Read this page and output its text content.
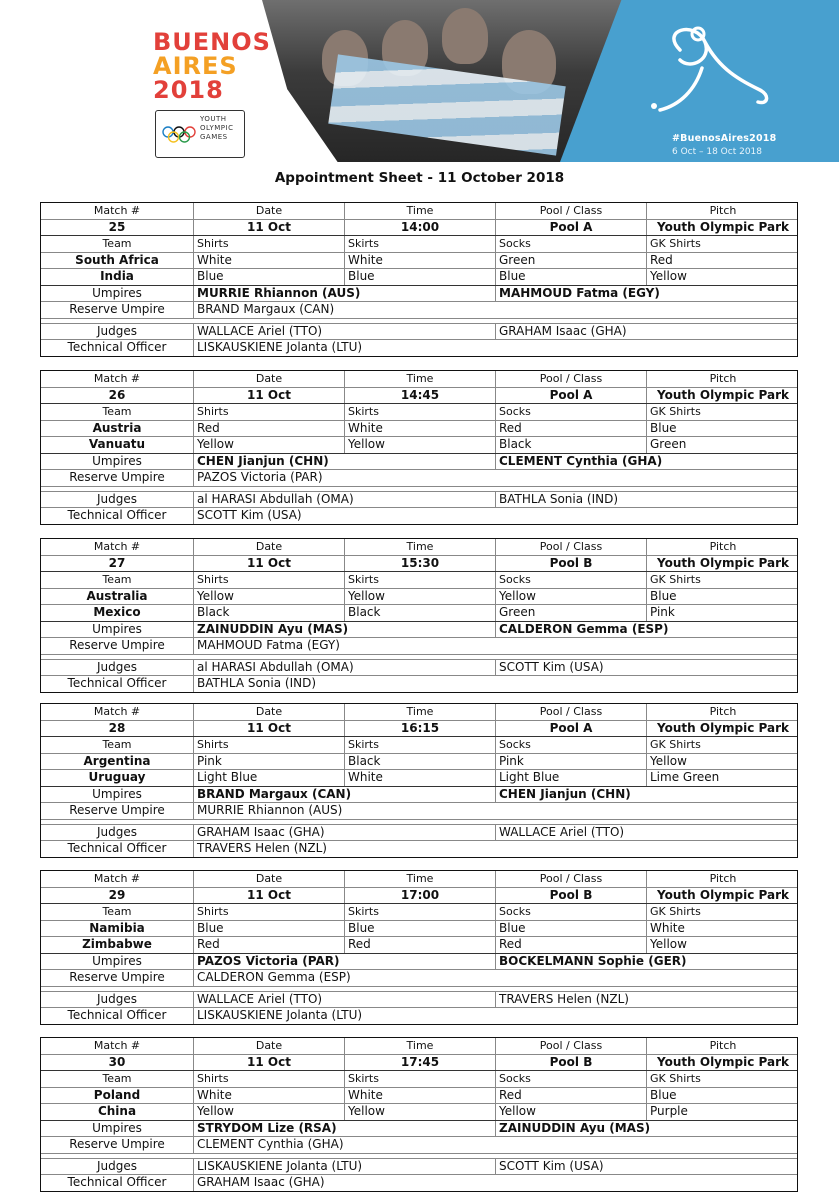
#BuenosAires2018
6 Oct – 18 Oct 2018
BUENOS
AIRES
2018
YOUTH OLYMPIC GAMES
Appointment Sheet - 11 October 2018
Match #	Date	Time	Pool / Class	Pitch
25	11 Oct	14:00	Pool A	Youth Olympic Park
Team	Shirts	Skirts	Socks	GK Shirts
South Africa	White	White	Green	Red
India	Blue	Blue	Blue	Yellow
Umpires	MURRIE Rhiannon (AUS)	MAHMOUD Fatma (EGY)
Reserve Umpire	BRAND Margaux (CAN)
Judges	WALLACE Ariel (TTO)	GRAHAM Isaac (GHA)
Technical Officer	LISKAUSKIENE Jolanta (LTU)
Match #	Date	Time	Pool / Class	Pitch
26	11 Oct	14:45	Pool A	Youth Olympic Park
Team	Shirts	Skirts	Socks	GK Shirts
Austria	Red	White	Red	Blue
Vanuatu	Yellow	Yellow	Black	Green
Umpires	CHEN Jianjun (CHN)	CLEMENT Cynthia (GHA)
Reserve Umpire	PAZOS Victoria (PAR)
Judges	al HARASI Abdullah (OMA)	BATHLA Sonia (IND)
Technical Officer	SCOTT Kim (USA)
Match #	Date	Time	Pool / Class	Pitch
27	11 Oct	15:30	Pool B	Youth Olympic Park
Team	Shirts	Skirts	Socks	GK Shirts
Australia	Yellow	Yellow	Yellow	Blue
Mexico	Black	Black	Green	Pink
Umpires	ZAINUDDIN Ayu (MAS)	CALDERON Gemma (ESP)
Reserve Umpire	MAHMOUD Fatma (EGY)
Judges	al HARASI Abdullah (OMA)	SCOTT Kim (USA)
Technical Officer	BATHLA Sonia (IND)
Match #	Date	Time	Pool / Class	Pitch
28	11 Oct	16:15	Pool A	Youth Olympic Park
Team	Shirts	Skirts	Socks	GK Shirts
Argentina	Pink	Black	Pink	Yellow
Uruguay	Light Blue	White	Light Blue	Lime Green
Umpires	BRAND Margaux (CAN)	CHEN Jianjun (CHN)
Reserve Umpire	MURRIE Rhiannon (AUS)
Judges	GRAHAM Isaac (GHA)	WALLACE Ariel (TTO)
Technical Officer	TRAVERS Helen (NZL)
Match #	Date	Time	Pool / Class	Pitch
29	11 Oct	17:00	Pool B	Youth Olympic Park
Team	Shirts	Skirts	Socks	GK Shirts
Namibia	Blue	Blue	Blue	White
Zimbabwe	Red	Red	Red	Yellow
Umpires	PAZOS Victoria (PAR)	BOCKELMANN Sophie (GER)
Reserve Umpire	CALDERON Gemma (ESP)
Judges	WALLACE Ariel (TTO)	TRAVERS Helen (NZL)
Technical Officer	LISKAUSKIENE Jolanta (LTU)
Match #	Date	Time	Pool / Class	Pitch
30	11 Oct	17:45	Pool B	Youth Olympic Park
Team	Shirts	Skirts	Socks	GK Shirts
Poland	White	White	Red	Blue
China	Yellow	Yellow	Yellow	Purple
Umpires	STRYDOM Lize (RSA)	ZAINUDDIN Ayu (MAS)
Reserve Umpire	CLEMENT Cynthia (GHA)
Judges	LISKAUSKIENE Jolanta (LTU)	SCOTT Kim (USA)
Technical Officer	GRAHAM Isaac (GHA)
